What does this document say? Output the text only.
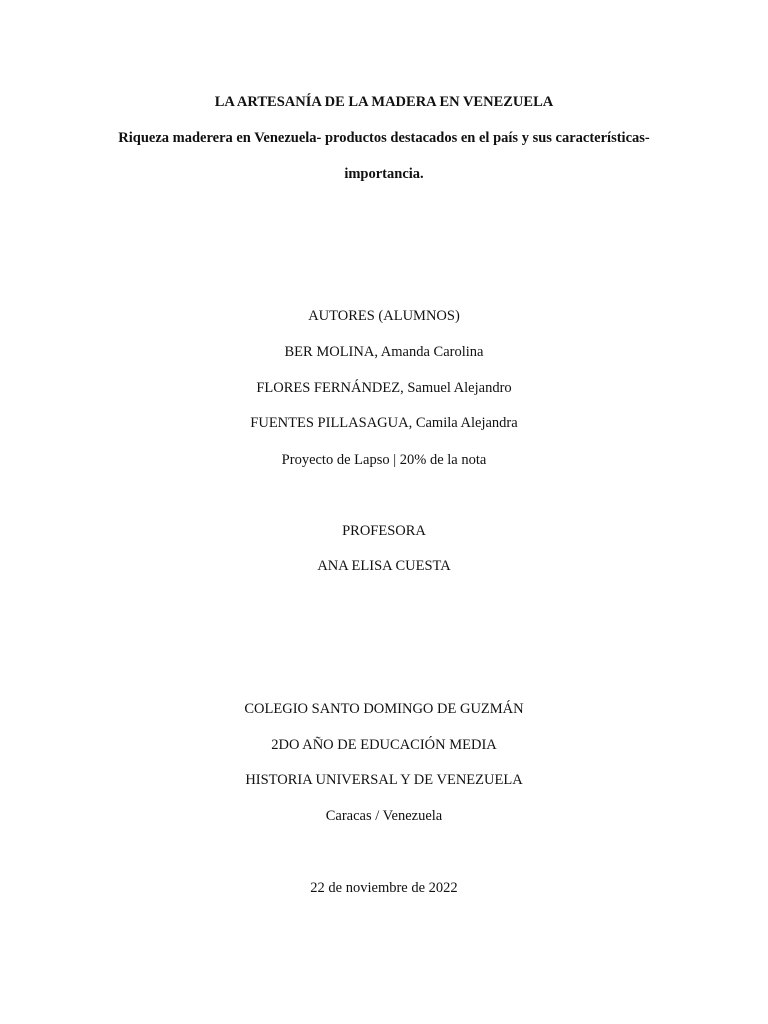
LA ARTESANÍA DE LA MADERA EN VENEZUELA
Riqueza maderera en Venezuela- productos destacados en el país y sus características-
importancia.
AUTORES (ALUMNOS)
BER MOLINA, Amanda Carolina
FLORES FERNÁNDEZ, Samuel Alejandro
FUENTES PILLASAGUA, Camila Alejandra
Proyecto de Lapso | 20% de la nota
PROFESORA
ANA ELISA CUESTA
COLEGIO SANTO DOMINGO DE GUZMÁN
2DO AÑO DE EDUCACIÓN MEDIA
HISTORIA UNIVERSAL Y DE VENEZUELA
Caracas / Venezuela
22 de noviembre de 2022
